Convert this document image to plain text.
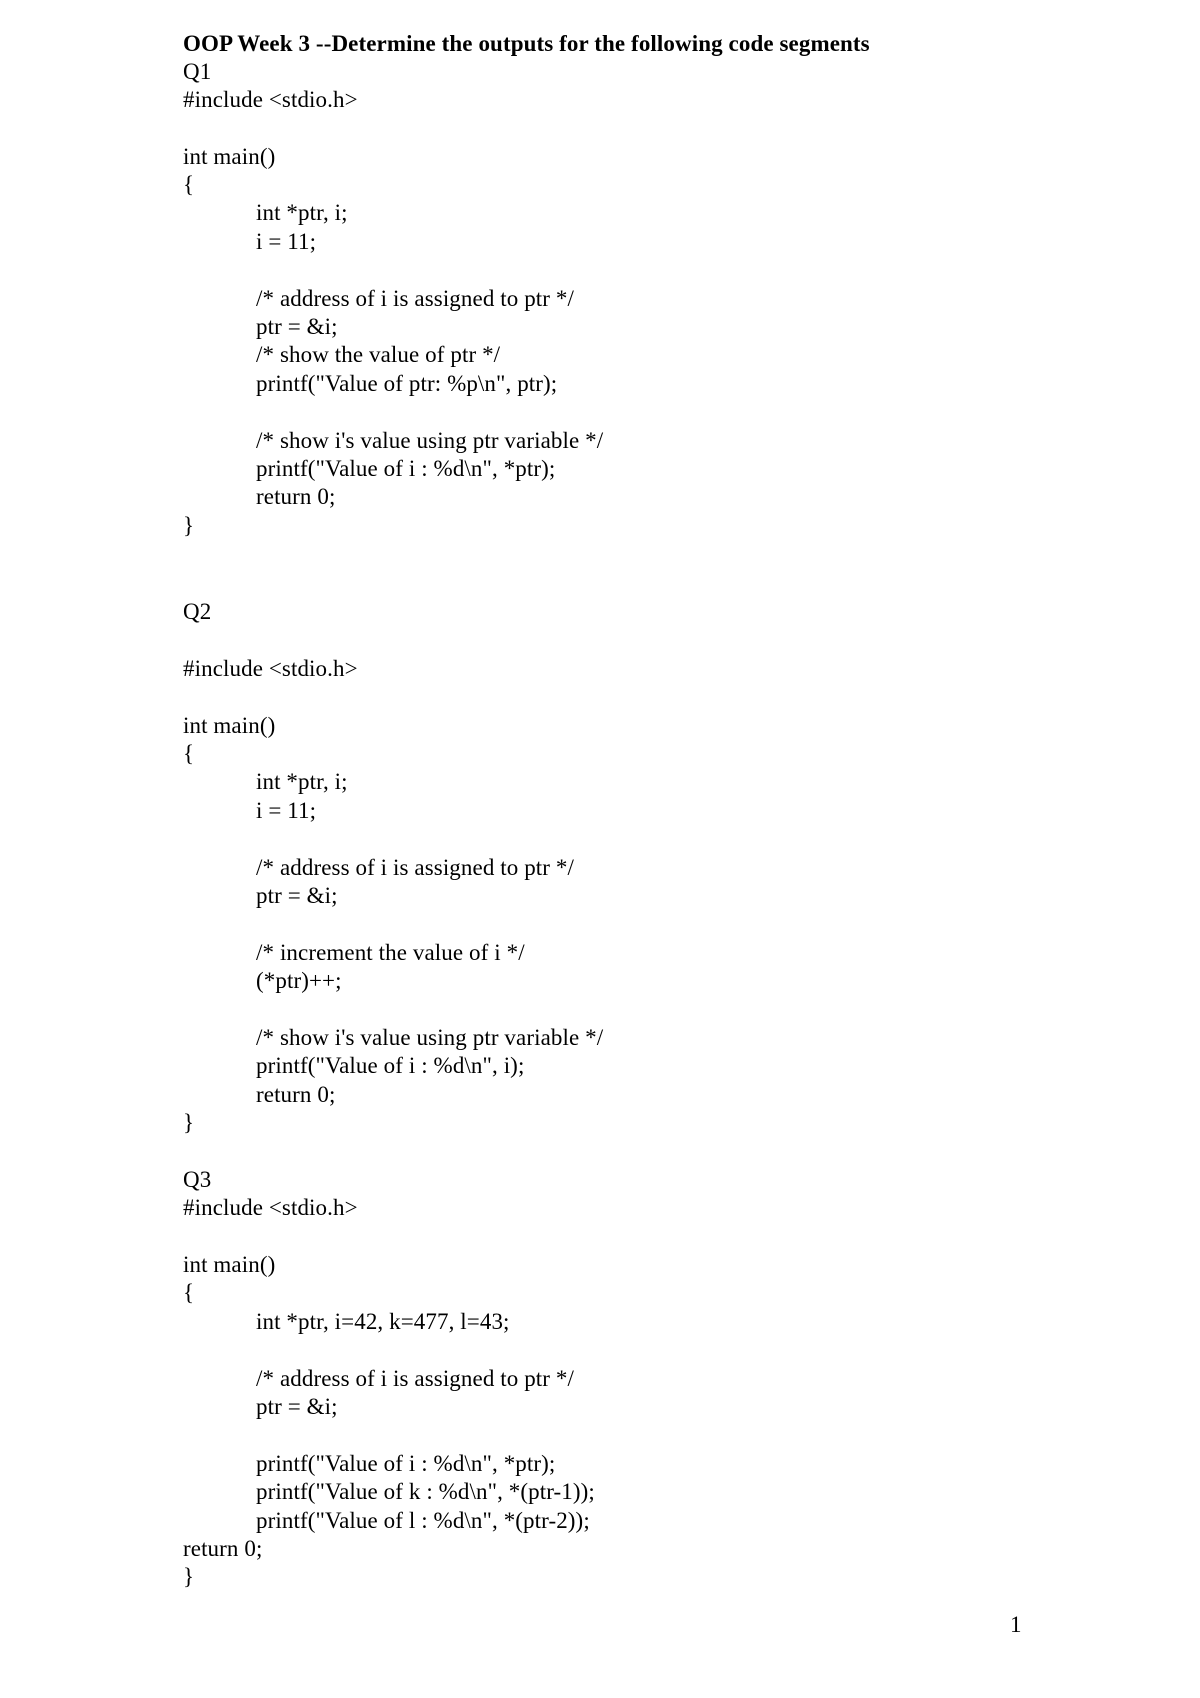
OOP Week 3 --Determine the outputs for the following code segments
Q1
#include <stdio.h>
int main()
{
int *ptr, i;
i = 11;
/* address of i is assigned to ptr */
ptr = &i;
/* show the value of ptr */
printf("Value of ptr: %p\n", ptr);
/* show i's value using ptr variable */
printf("Value of i : %d\n", *ptr);
return 0;
}
Q2
#include <stdio.h>
int main()
{
int *ptr, i;
i = 11;
/* address of i is assigned to ptr */
ptr = &i;
/* increment the value of i */
(*ptr)++;
/* show i's value using ptr variable */
printf("Value of i : %d\n", i);
return 0;
}
Q3
#include <stdio.h>
int main()
{
int *ptr, i=42, k=477, l=43;
/* address of i is assigned to ptr */
ptr = &i;
printf("Value of i : %d\n", *ptr);
printf("Value of k : %d\n", *(ptr-1));
printf("Value of l : %d\n", *(ptr-2));
return 0;
}
1
